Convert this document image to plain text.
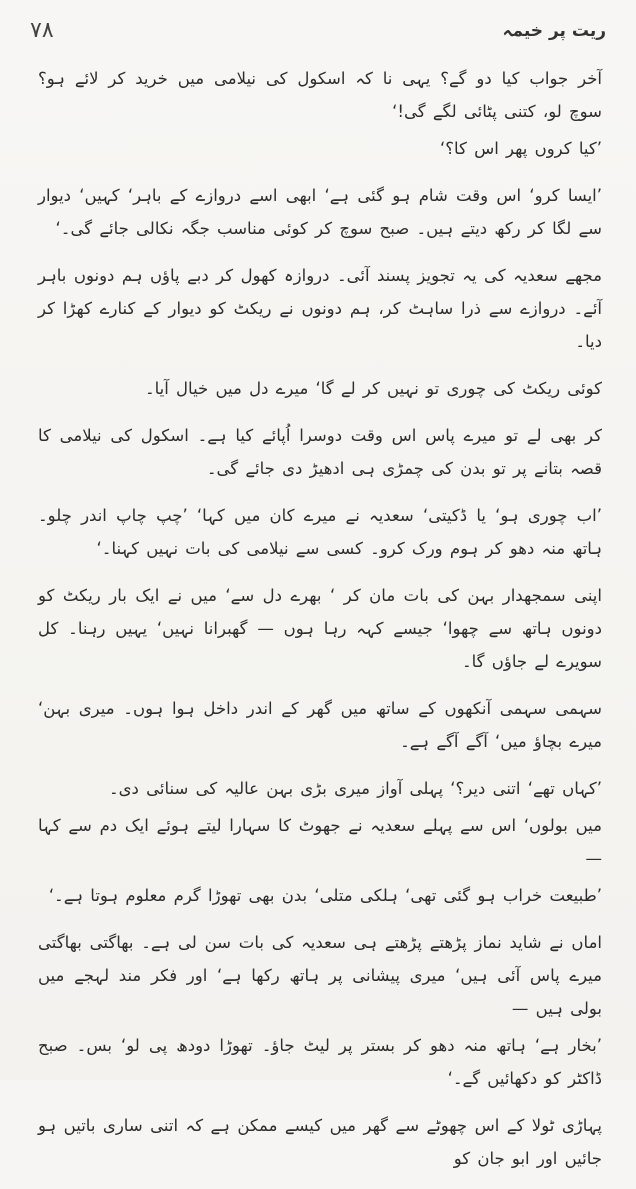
۷۸	ریت پر خیمہ

آخر جواب کیا دو گے؟ یہی نا کہ اسکول کی نیلامی میں خرید کر لائے ہو؟ سوچ لو، کتنی پٹائی لگے گی!‘

’کیا کروں پھر اس کا؟‘

’ایسا کرو‘ اس وقت شام ہو گئی ہے‘ ابھی اسے دروازے کے باہر‘ کہیں‘ دیوار سے لگا کر رکھ دیتے ہیں۔ صبح سوچ کر کوئی مناسب جگہ نکالی جائے گی۔‘

مجھے سعدیہ کی یہ تجویز پسند آئی۔ دروازہ کھول کر دبے پاؤں ہم دونوں باہر آئے۔ دروازے سے ذرا ساہٹ کر، ہم دونوں نے ریکٹ کو دیوار کے کنارے کھڑا کر دیا۔

کوئی ریکٹ کی چوری تو نہیں کر لے گا‘ میرے دل میں خیال آیا۔

کر بھی لے تو میرے پاس اس وقت دوسرا اُپائے کیا ہے۔ اسکول کی نیلامی کا قصہ بتانے پر تو بدن کی چمڑی ہی ادھیڑ دی جائے گی۔

’اب چوری ہو‘ یا ڈکیتی‘ سعدیہ نے میرے کان میں کہا‘ ’چپ چاپ اندر چلو۔ ہاتھ منہ دھو کر ہوم ورک کرو۔ کسی سے نیلامی کی بات نہیں کہنا۔‘

اپنی سمجھدار بہن کی بات مان کر ‘ بھرے دل سے‘ میں نے ایک بار ریکٹ کو دونوں ہاتھ سے چھوا‘ جیسے کہہ رہا ہوں — گھبرانا نہیں‘ یہیں رہنا۔ کل سویرے لے جاؤں گا۔

سہمی سہمی آنکھوں کے ساتھ میں گھر کے اندر داخل ہوا ہوں۔ میری بہن‘ میرے بچاؤ میں‘ آگے آگے ہے۔

’کہاں تھے‘ اتنی دیر؟‘ پہلی آواز میری بڑی بہن عالیہ کی سنائی دی۔

میں بولوں‘ اس سے پہلے سعدیہ نے جھوٹ کا سہارا لیتے ہوئے ایک دم سے کہا —

’طبیعت خراب ہو گئی تھی‘ ہلکی متلی‘ بدن بھی تھوڑا گرم معلوم ہوتا ہے۔‘

اماں نے شاید نماز پڑھتے پڑھتے ہی سعدیہ کی بات سن لی ہے۔ بھاگتی بھاگتی میرے پاس آئی ہیں‘ میری پیشانی پر ہاتھ رکھا ہے‘ اور فکر مند لہجے میں بولی ہیں —

’بخار ہے‘ ہاتھ منہ دھو کر بستر پر لیٹ جاؤ۔ تھوڑا دودھ پی لو‘ بس۔ صبح ڈاکٹر کو دکھائیں گے۔‘

پہاڑی ٹولا کے اس چھوٹے سے گھر میں کیسے ممکن ہے کہ اتنی ساری باتیں ہو جائیں اور ابو جان کو
